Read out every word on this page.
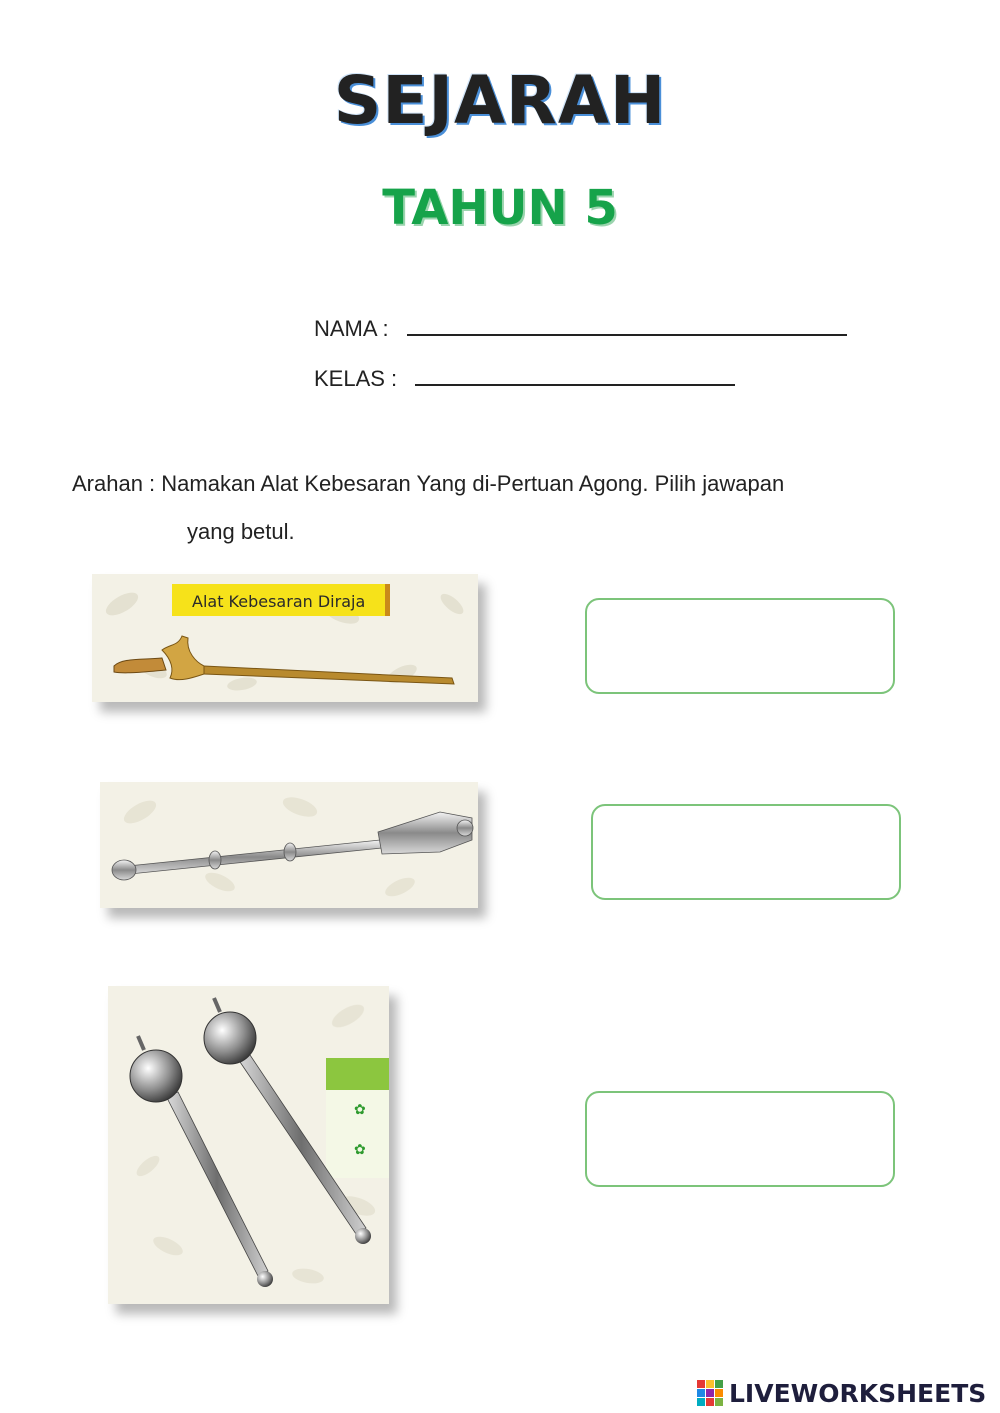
SEJARAH
TAHUN 5
NAMA :
KELAS :
Arahan : Namakan Alat Kebesaran Yang di-Pertuan Agong. Pilih jawapan
yang betul.
Alat Kebesaran Diraja
✿
✿
LIVEWORKSHEETS
